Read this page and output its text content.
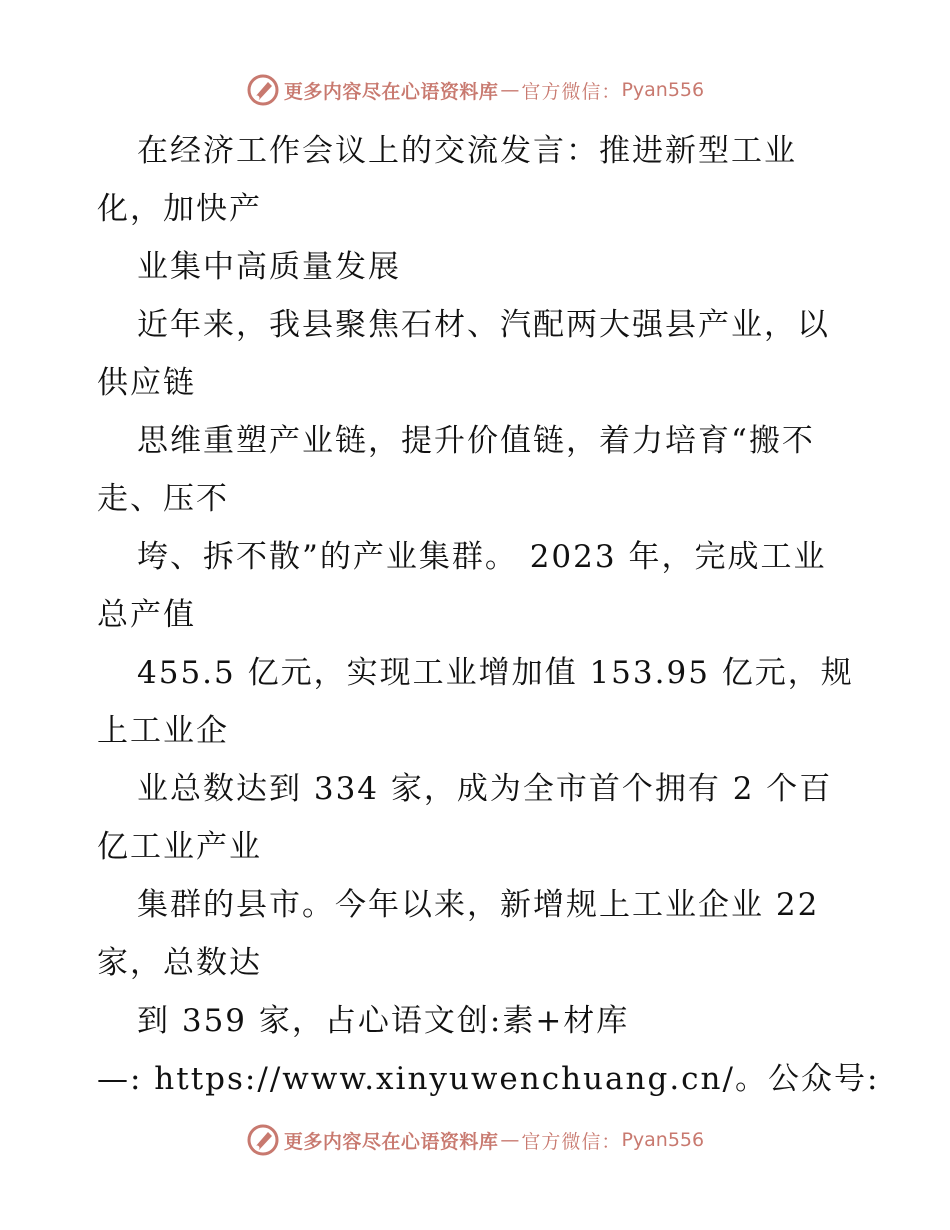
更多内容尽在心语资料库 — 官方微信： Pyan556
在经济工作会议上的交流发言：推进新型工业
化，加快产
业集中高质量发展
近年来，我县聚焦石材、汽配两大强县产业，以
供应链
思维重塑产业链，提升价值链，着力培育“搬不
走、压不
垮、拆不散”的产业集群。 2023 年，完成工业
总产值
455.5 亿元，实现工业增加值 153.95 亿元，规
上工业企
业总数达到 334 家，成为全市首个拥有 2 个百
亿工业产业
集群的县市。今年以来，新增规上工业企业 22
家，总数达
到 359 家，占心语文创:素+材库
—: https://www.xinyuwenchuang.cn/。公众号:
更多内容尽在心语资料库 — 官方微信： Pyan556
